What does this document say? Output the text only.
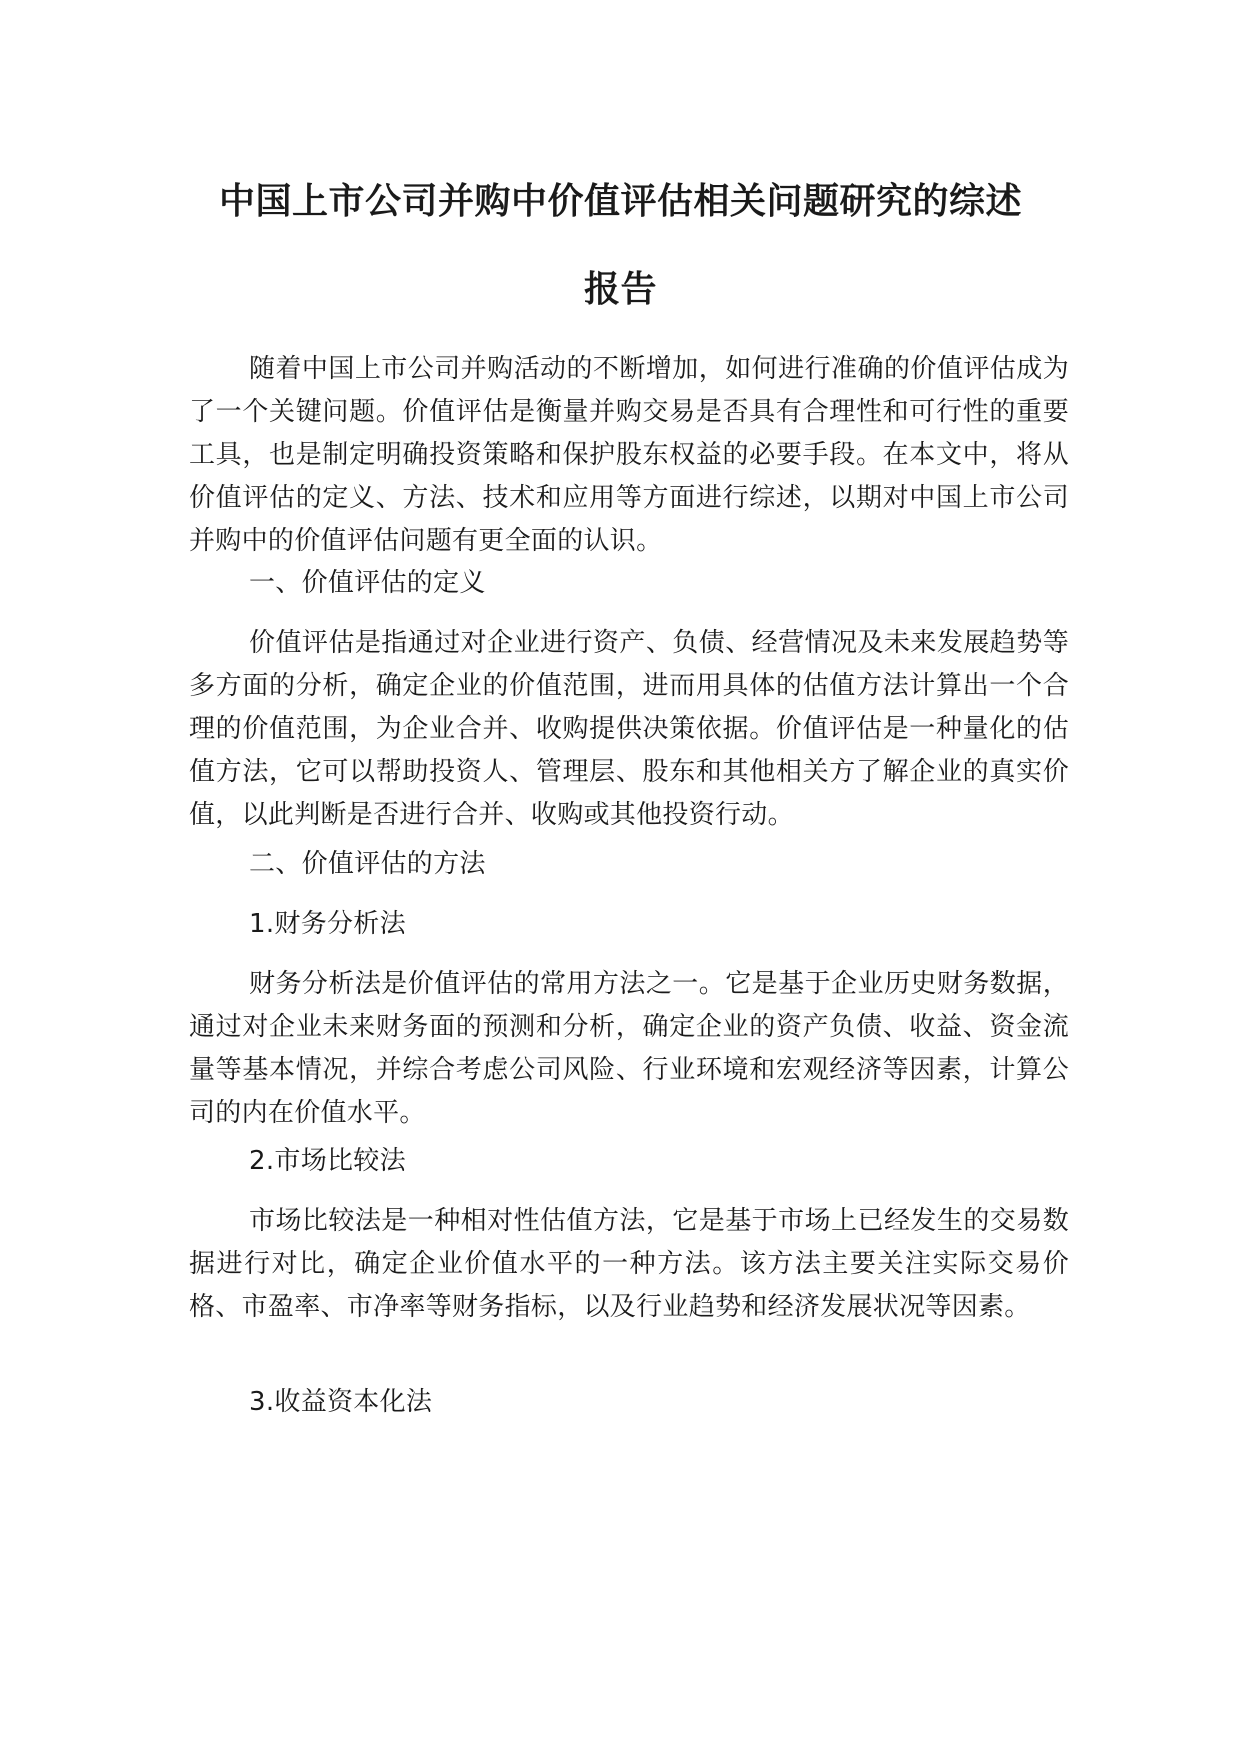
中国上市公司并购中价值评估相关问题研究的综述
报告

随着中国上市公司并购活动的不断增加，如何进行准确的价值评估成为了一个关键问题。价值评估是衡量并购交易是否具有合理性和可行性的重要工具，也是制定明确投资策略和保护股东权益的必要手段。在本文中，将从价值评估的定义、方法、技术和应用等方面进行综述，以期对中国上市公司并购中的价值评估问题有更全面的认识。

一、价值评估的定义

价值评估是指通过对企业进行资产、负债、经营情况及未来发展趋势等多方面的分析，确定企业的价值范围，进而用具体的估值方法计算出一个合理的价值范围，为企业合并、收购提供决策依据。价值评估是一种量化的估值方法，它可以帮助投资人、管理层、股东和其他相关方了解企业的真实价值，以此判断是否进行合并、收购或其他投资行动。

二、价值评估的方法
1.财务分析法

财务分析法是价值评估的常用方法之一。它是基于企业历史财务数据，通过对企业未来财务面的预测和分析，确定企业的资产负债、收益、资金流量等基本情况，并综合考虑公司风险、行业环境和宏观经济等因素，计算公司的内在价值水平。

2.市场比较法

市场比较法是一种相对性估值方法，它是基于市场上已经发生的交易数据进行对比，确定企业价值水平的一种方法。该方法主要关注实际交易价格、市盈率、市净率等财务指标，以及行业趋势和经济发展状况等因素。

3.收益资本化法
